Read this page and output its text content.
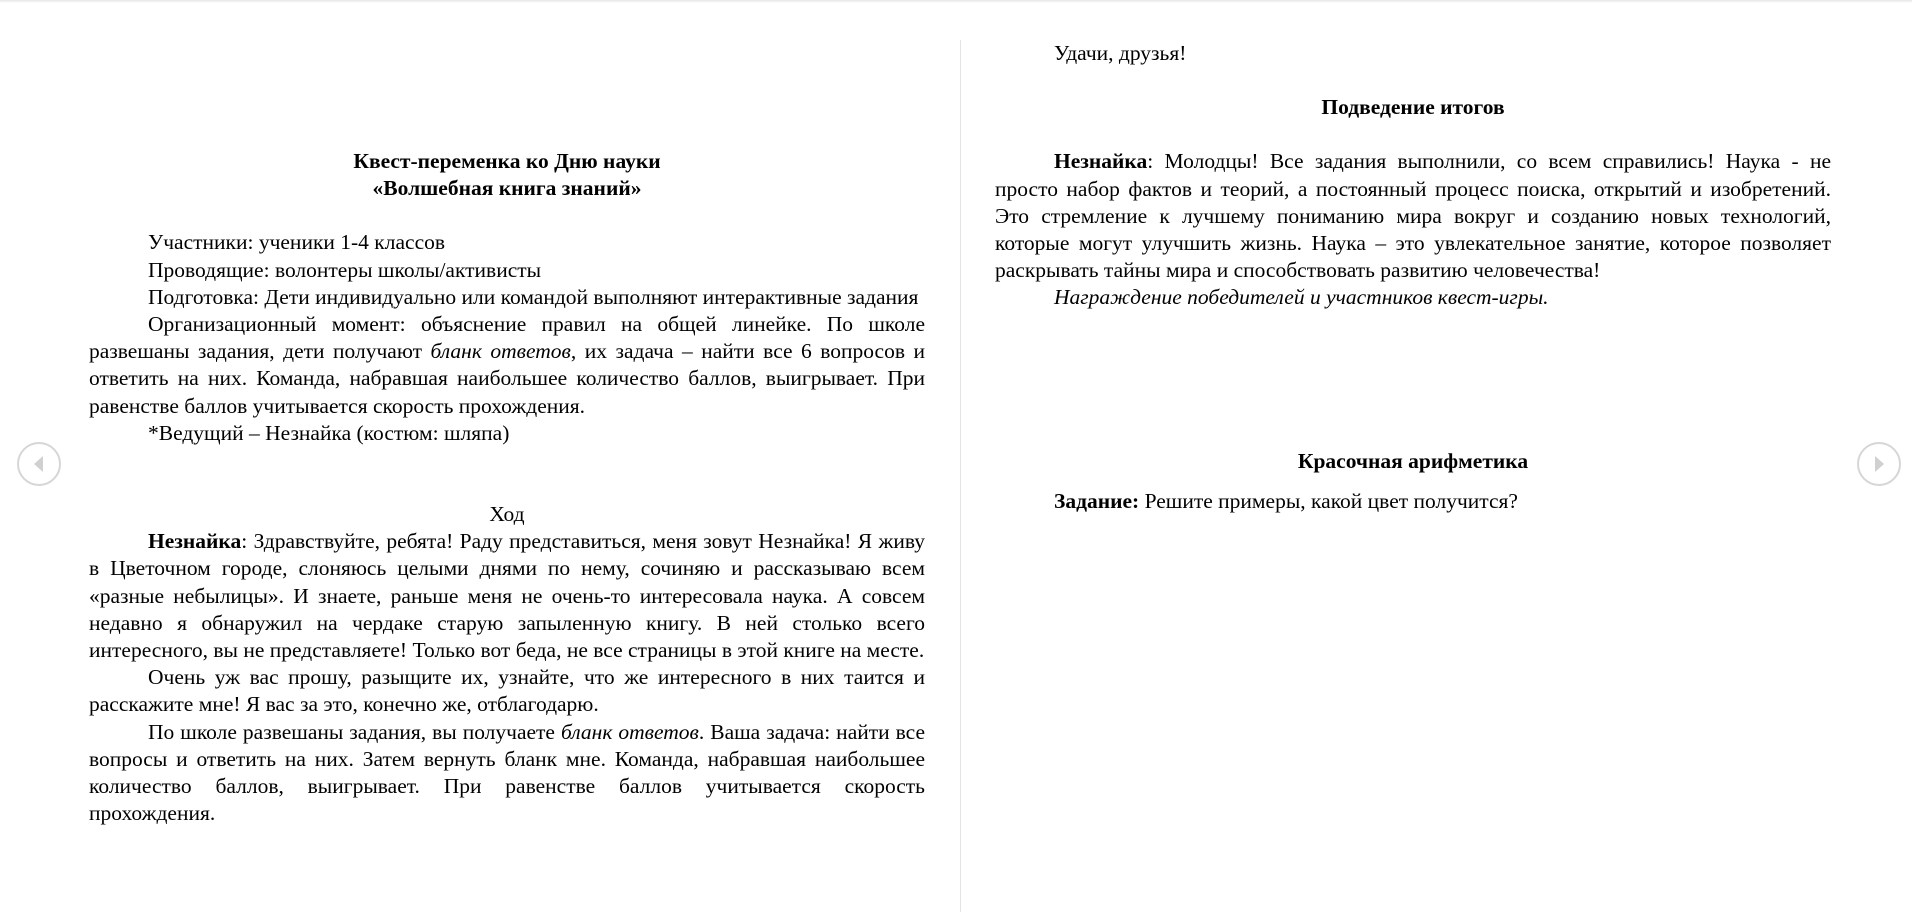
Квест-переменка ко Дню науки

«Волшебная книга знаний»

Участники: ученики 1-4 классов

Проводящие: волонтеры школы/активисты

Подготовка: Дети индивидуально или командой выполняют интерактивные задания

Организационный момент: объяснение правил на общей линейке. По школе развешаны задания, дети получают бланк ответов, их задача – найти все 6 вопросов и ответить на них. Команда, набравшая наибольшее количество баллов, выигрывает. При равенстве баллов учитывается скорость прохождения.

*Ведущий – Незнайка (костюм: шляпа)

Ход

Незнайка: Здравствуйте, ребята! Раду представиться, меня зовут Незнайка! Я живу в Цветочном городе, слоняюсь целыми днями по нему, сочиняю и рассказываю всем «разные небылицы». И знаете, раньше меня не очень-то интересовала наука. А совсем недавно я обнаружил на чердаке старую запыленную книгу. В ней столько всего интересного, вы не представляете! Только вот беда, не все страницы в этой книге на месте.

Очень уж вас прошу, разыщите их, узнайте, что же интересного в них таится и расскажите мне! Я вас за это, конечно же, отблагодарю.

По школе развешаны задания, вы получаете бланк ответов. Ваша задача: найти все вопросы и ответить на них. Затем вернуть бланк мне. Команда, набравшая наибольшее количество баллов, выигрывает. При равенстве баллов учитывается скорость прохождения.

Удачи, друзья!

Подведение итогов

Незнайка: Молодцы! Все задания выполнили, со всем справились! Наука - не просто набор фактов и теорий, а постоянный процесс поиска, открытий и изобретений. Это стремление к лучшему пониманию мира вокруг и созданию новых технологий, которые могут улучшить жизнь. Наука – это увлекательное занятие, которое позволяет раскрывать тайны мира и способствовать развитию человечества!

Награждение победителей и участников квест-игры.

Красочная арифметика

Задание: Решите примеры, какой цвет получится?
